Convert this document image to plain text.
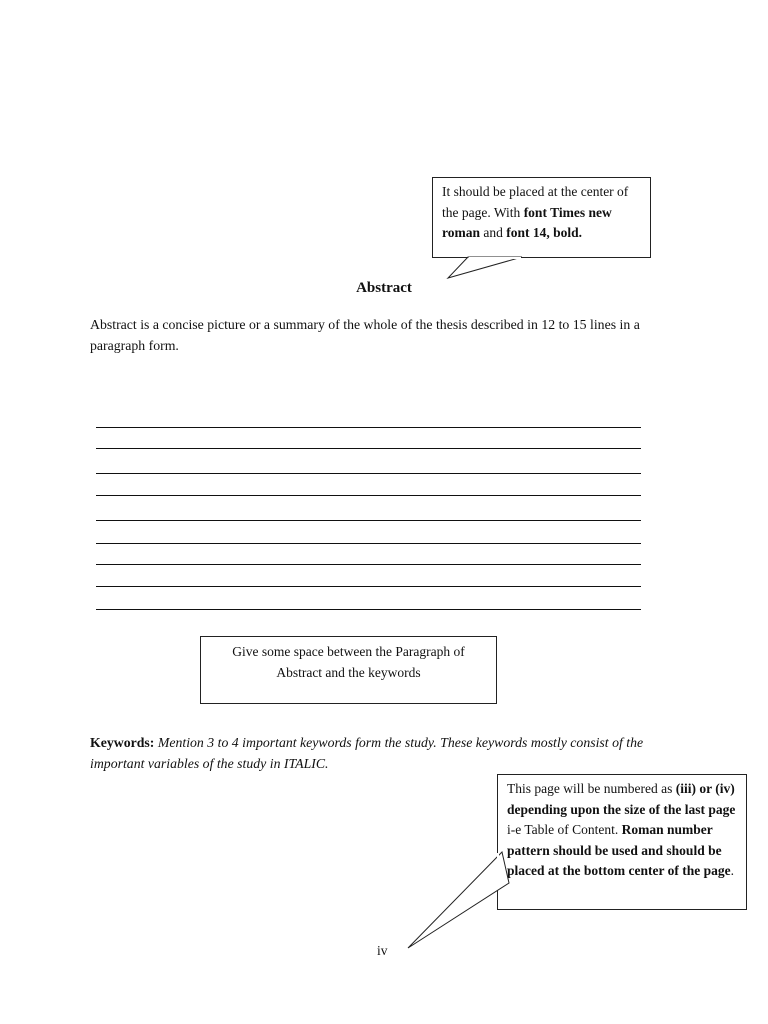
It should be placed at the center of the page. With font Times new roman and font 14, bold.
Abstract
Abstract is a concise picture or a summary of the whole of the thesis described in 12 to 15 lines in a paragraph form.
Give some space between the Paragraph of Abstract and the keywords
Keywords: Mention 3 to 4 important keywords form the study. These keywords mostly consist of the important variables of the study in ITALIC.
This page will be numbered as (iii) or (iv) depending upon the size of the last page i-e Table of Content. Roman number pattern should be used and should be placed at the bottom center of the page.
iv
